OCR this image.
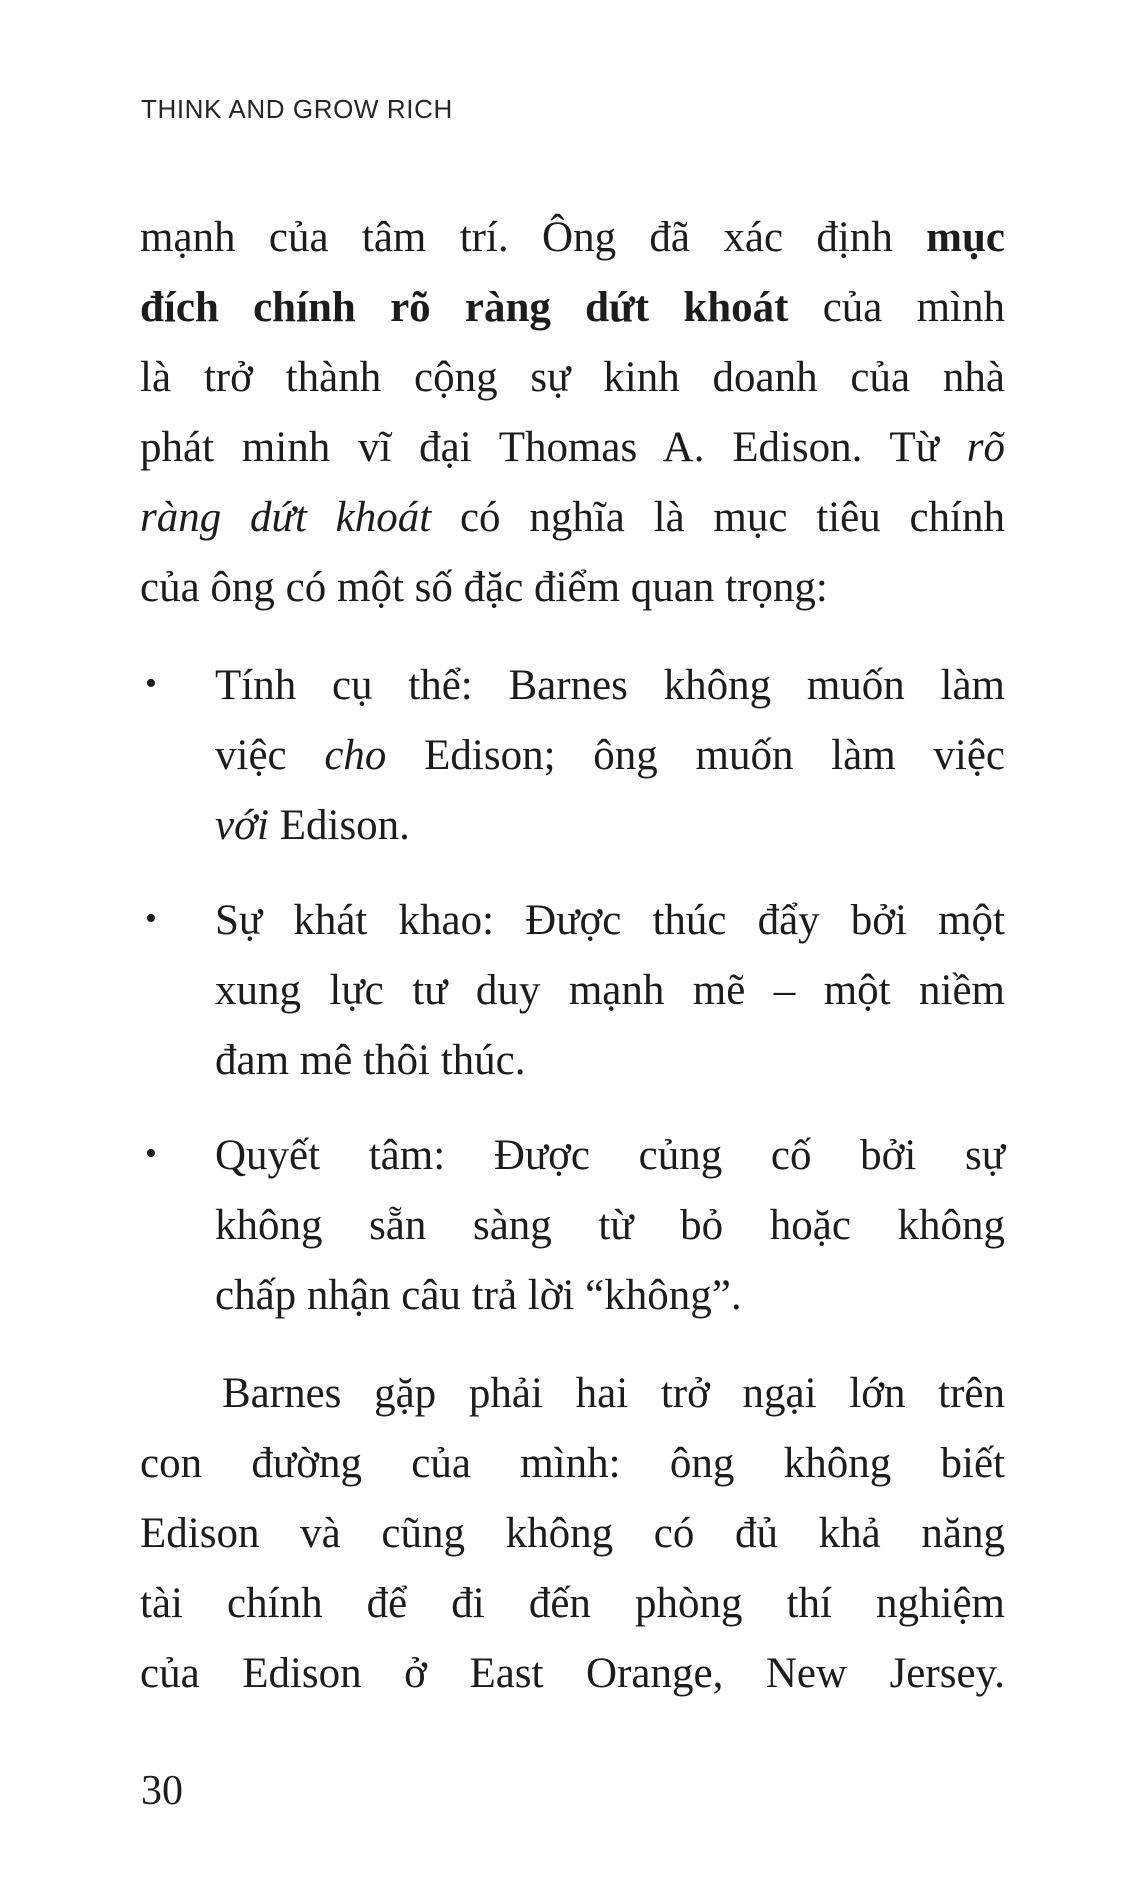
THINK AND GROW RICH
mạnh của tâm trí. Ông đã xác định mục
đích chính rõ ràng dứt khoát của mình
là trở thành cộng sự kinh doanh của nhà
phát minh vĩ đại Thomas A. Edison. Từ rõ
ràng dứt khoát có nghĩa là mục tiêu chính
của ông có một số đặc điểm quan trọng:
•	Tính cụ thể: Barnes không muốn làm
việc cho Edison; ông muốn làm việc
với Edison.
•	Sự khát khao: Được thúc đẩy bởi một
xung lực tư duy mạnh mẽ – một niềm
đam mê thôi thúc.
•	Quyết tâm: Được củng cố bởi sự
không sẵn sàng từ bỏ hoặc không
chấp nhận câu trả lời “không”.
Barnes gặp phải hai trở ngại lớn trên
con đường của mình: ông không biết
Edison và cũng không có đủ khả năng
tài chính để đi đến phòng thí nghiệm
của Edison ở East Orange, New Jersey.
30
